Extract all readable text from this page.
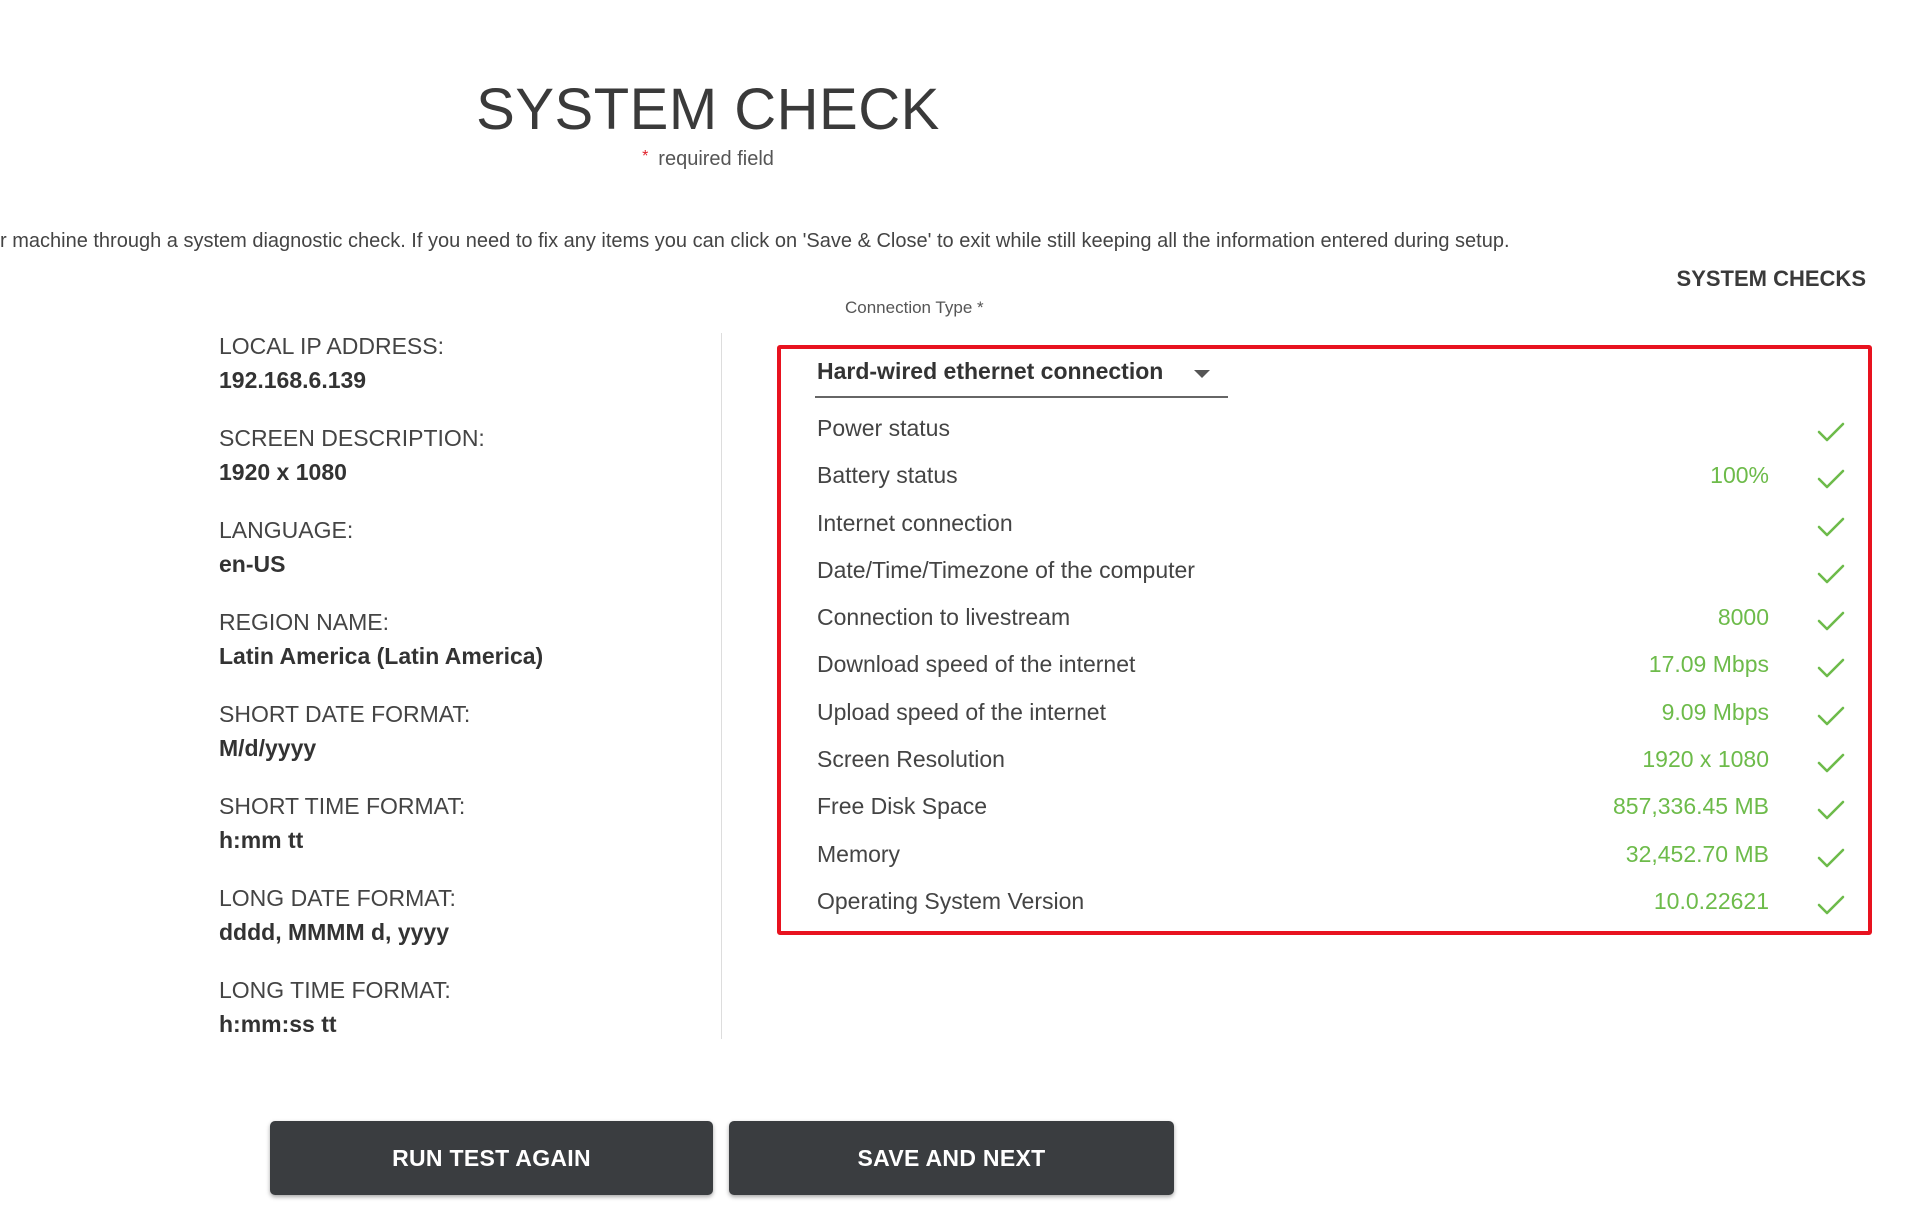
SYSTEM CHECK
* required field
r machine through a system diagnostic check. If you need to fix any items you can click on 'Save & Close' to exit while still keeping all the information entered during setup.
SYSTEM CHECKS
LOCAL IP ADDRESS:
192.168.6.139
SCREEN DESCRIPTION:
1920 x 1080
LANGUAGE:
en-US
REGION NAME:
Latin America (Latin America)
SHORT DATE FORMAT:
M/d/yyyy
SHORT TIME FORMAT:
h:mm tt
LONG DATE FORMAT:
dddd, MMMM d, yyyy
LONG TIME FORMAT:
h:mm:ss tt
Connection Type *
Hard-wired ethernet connection
Power status
Battery status	100%
Internet connection
Date/Time/Timezone of the computer
Connection to livestream	8000
Download speed of the internet	17.09 Mbps
Upload speed of the internet	9.09 Mbps
Screen Resolution	1920 x 1080
Free Disk Space	857,336.45 MB
Memory	32,452.70 MB
Operating System Version	10.0.22621
RUN TEST AGAIN	SAVE AND NEXT
